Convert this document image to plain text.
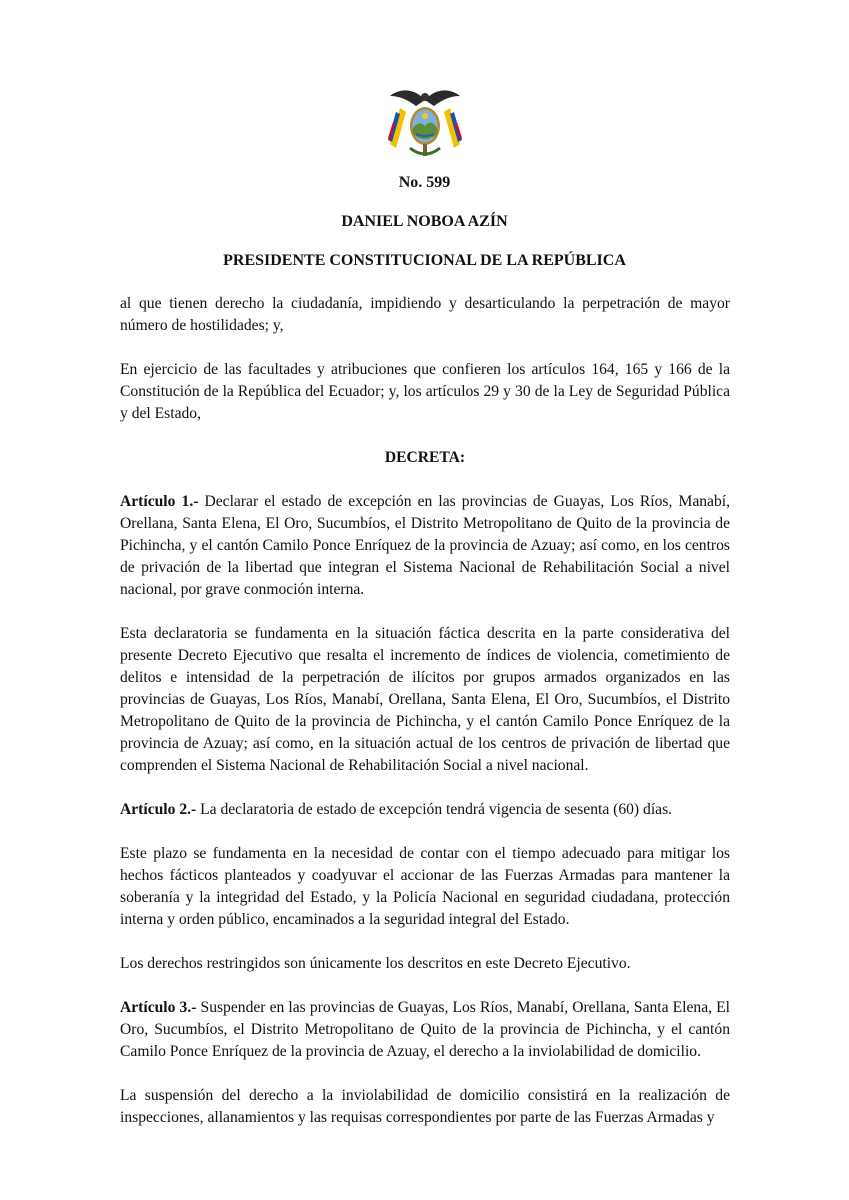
No. 599
DANIEL NOBOA AZÍN
PRESIDENTE CONSTITUCIONAL DE LA REPÚBLICA

al que tienen derecho la ciudadanía, impidiendo y desarticulando la perpetración de mayor número de hostilidades; y,

En ejercicio de las facultades y atribuciones que confieren los artículos 164, 165 y 166 de la Constitución de la República del Ecuador; y, los artículos 29 y 30 de la Ley de Seguridad Pública y del Estado,

DECRETA:

Artículo 1.- Declarar el estado de excepción en las provincias de Guayas, Los Ríos, Manabí, Orellana, Santa Elena, El Oro, Sucumbíos, el Distrito Metropolitano de Quito de la provincia de Pichincha, y el cantón Camilo Ponce Enríquez de la provincia de Azuay; así como, en los centros de privación de la libertad que integran el Sistema Nacional de Rehabilitación Social a nivel nacional, por grave conmoción interna.

Esta declaratoria se fundamenta en la situación fáctica descrita en la parte considerativa del presente Decreto Ejecutivo que resalta el incremento de índices de violencia, cometimiento de delitos e intensidad de la perpetración de ilícitos por grupos armados organizados en las provincias de Guayas, Los Ríos, Manabí, Orellana, Santa Elena, El Oro, Sucumbíos, el Distrito Metropolitano de Quito de la provincia de Pichincha, y el cantón Camilo Ponce Enríquez de la provincia de Azuay; así como, en la situación actual de los centros de privación de libertad que comprenden el Sistema Nacional de Rehabilitación Social a nivel nacional.

Artículo 2.- La declaratoria de estado de excepción tendrá vigencia de sesenta (60) días.

Este plazo se fundamenta en la necesidad de contar con el tiempo adecuado para mitigar los hechos fácticos planteados y coadyuvar el accionar de las Fuerzas Armadas para mantener la soberanía y la integridad del Estado, y la Policía Nacional en seguridad ciudadana, protección interna y orden público, encaminados a la seguridad integral del Estado.

Los derechos restringidos son únicamente los descritos en este Decreto Ejecutivo.

Artículo 3.- Suspender en las provincias de Guayas, Los Ríos, Manabí, Orellana, Santa Elena, El Oro, Sucumbíos, el Distrito Metropolitano de Quito de la provincia de Pichincha, y el cantón Camilo Ponce Enríquez de la provincia de Azuay, el derecho a la inviolabilidad de domicilio.

La suspensión del derecho a la inviolabilidad de domicilio consistirá en la realización de inspecciones, allanamientos y las requisas correspondientes por parte de las Fuerzas Armadas y
